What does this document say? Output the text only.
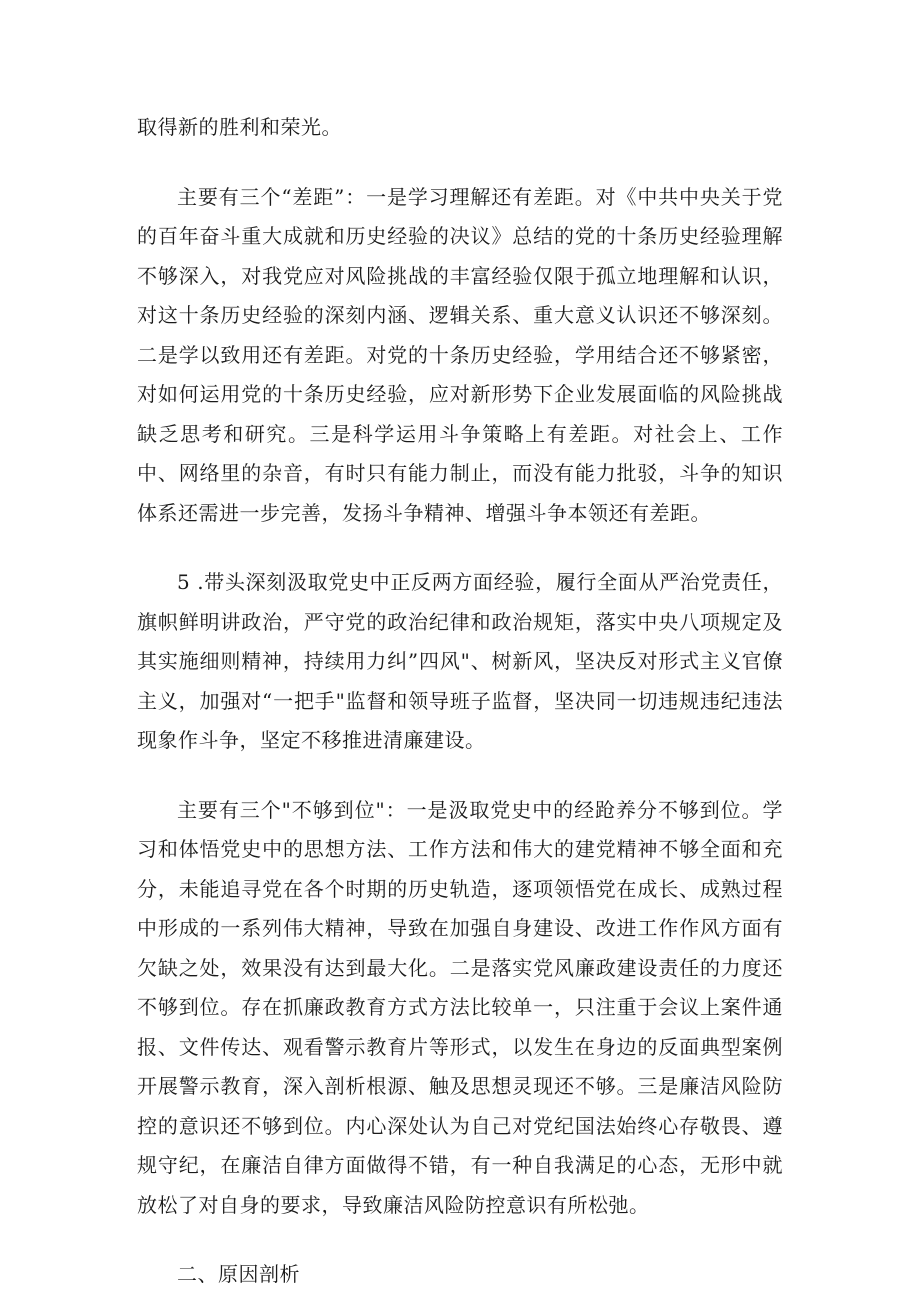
取得新的胜利和荣光。

主要有三个“差距”：一是学习理解还有差距。对《中共中央关于党的百年奋斗重大成就和历史经验的决议》总结的党的十条历史经验理解不够深入，对我党应对风险挑战的丰富经验仅限于孤立地理解和认识，对这十条历史经验的深刻内涵、逻辑关系、重大意义认识还不够深刻。二是学以致用还有差距。对党的十条历史经验，学用结合还不够紧密，对如何运用党的十条历史经验，应对新形势下企业发展面临的风险挑战缺乏思考和研究。三是科学运用斗争策略上有差距。对社会上、工作中、网络里的杂音，有时只有能力制止，而没有能力批驳，斗争的知识体系还需进一步完善，发扬斗争精神、增强斗争本领还有差距。

5 .带头深刻汲取党史中正反两方面经验，履行全面从严治党责任，旗帜鲜明讲政治，严守党的政治纪律和政治规矩，落实中央八项规定及其实施细则精神，持续用力纠”四风"、树新风，坚决反对形式主义官僚主义，加强对“一把手"监督和领导班子监督，坚决同一切违规违纪违法现象作斗争，坚定不移推进清廉建设。

主要有三个"不够到位"：一是汲取党史中的经跄养分不够到位。学习和体悟党史中的思想方法、工作方法和伟大的建党精神不够全面和充分，未能追寻党在各个时期的历史轨造，逐项领悟党在成长、成熟过程中形成的一系列伟大精神，导致在加强自身建设、改进工作作风方面有欠缺之处，效果没有达到最大化。二是落实党风廉政建设责任的力度还不够到位。存在抓廉政教育方式方法比较单一，只注重于会议上案件通报、文件传达、观看警示教育片等形式，以发生在身边的反面典型案例开展警示教育，深入剖析根源、触及思想灵现还不够。三是廉洁风险防控的意识还不够到位。内心深处认为自己对党纪国法始终心存敬畏、遵规守纪，在廉洁自律方面做得不错，有一种自我满足的心态，无形中就放松了对自身的要求，导致廉洁风险防控意识有所松弛。

二、原因剖析
